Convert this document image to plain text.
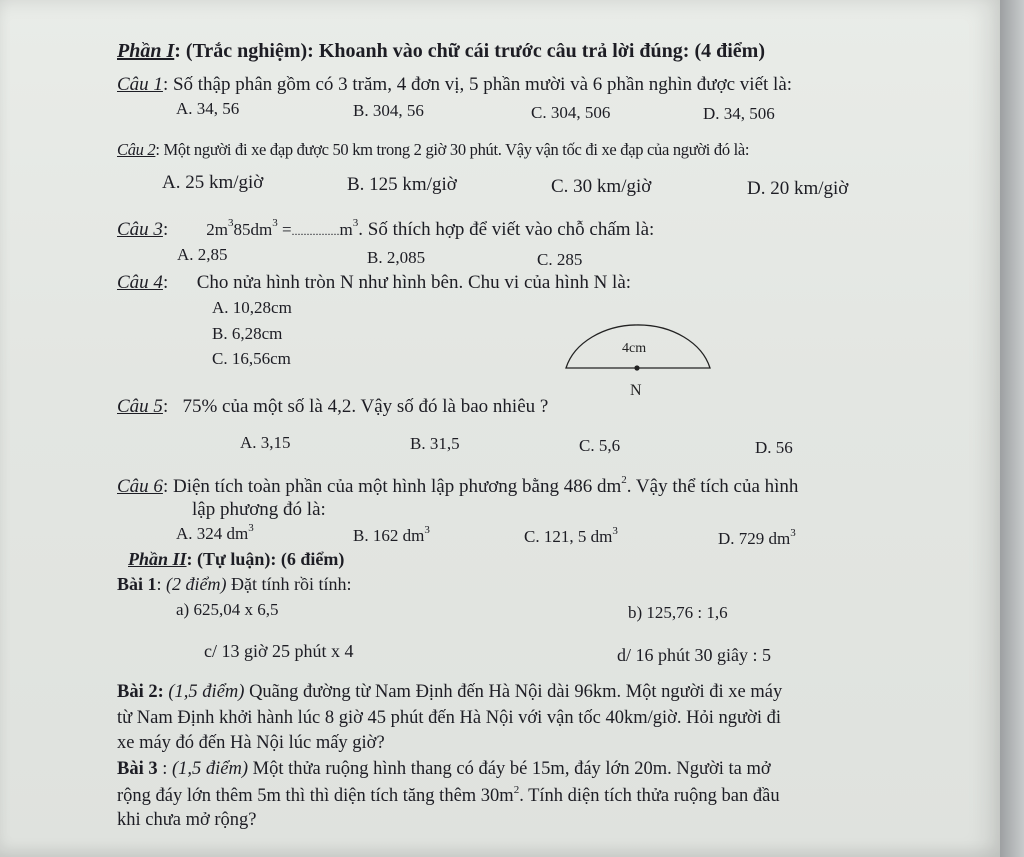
Phần I: (Trắc nghiệm): Khoanh vào chữ cái trước câu trả lời đúng: (4 điểm)
Câu 1: Số thập phân gồm có 3 trăm, 4 đơn vị, 5 phần mười và 6 phần nghìn được viết là:
A. 34, 56	B. 304, 56	C. 304, 506	D. 34, 506
Câu 2: Một người đi xe đạp được 50 km trong 2 giờ 30 phút. Vậy vận tốc đi xe đạp của người đó là:
A. 25 km/giờ	B. 125 km/giờ	C. 30 km/giờ	D. 20 km/giờ
Câu 3:        $2m^385dm^3 =................m^3$. Số thích hợp để viết vào chỗ chấm là:
A. 2,85	B. 2,085	C. 285
Câu 4:      Cho nửa hình tròn N như hình bên. Chu vi của hình N là:
A. 10,28cm
B. 6,28cm
C. 16,56cm
4cm
N
Câu 5:   75% của một số là 4,2. Vậy số đó là bao nhiêu ?
A. 3,15	B. 31,5	C. 5,6	D. 56
Câu 6: Diện tích toàn phần của một hình lập phương bằng 486 $dm^2$. Vậy thể tích của hình
lập phương đó là:
A. 324 $dm^3$	B. 162 $dm^3$	C. 121, 5 $dm^3$	D. 729 $dm^3$
Phần II: (Tự luận): (6 điểm)
Bài 1: (2 điểm) Đặt tính rồi tính:
a) 625,04 x 6,5	b) 125,76 : 1,6
c/ 13 giờ 25 phút x 4	d/ 16 phút 30 giây : 5
Bài 2: (1,5 điểm) Quãng đường từ Nam Định đến Hà Nội dài 96km. Một người đi xe máy
từ Nam Định khởi hành lúc 8 giờ 45 phút đến Hà Nội với vận tốc 40km/giờ. Hỏi người đi
xe máy đó đến Hà Nội lúc mấy giờ?
Bài 3 : (1,5 điểm) Một thửa ruộng hình thang có đáy bé 15m, đáy lớn 20m. Người ta mở
rộng đáy lớn thêm 5m thì thì diện tích tăng thêm $30m^2$. Tính diện tích thửa ruộng ban đầu
khi chưa mở rộng?
